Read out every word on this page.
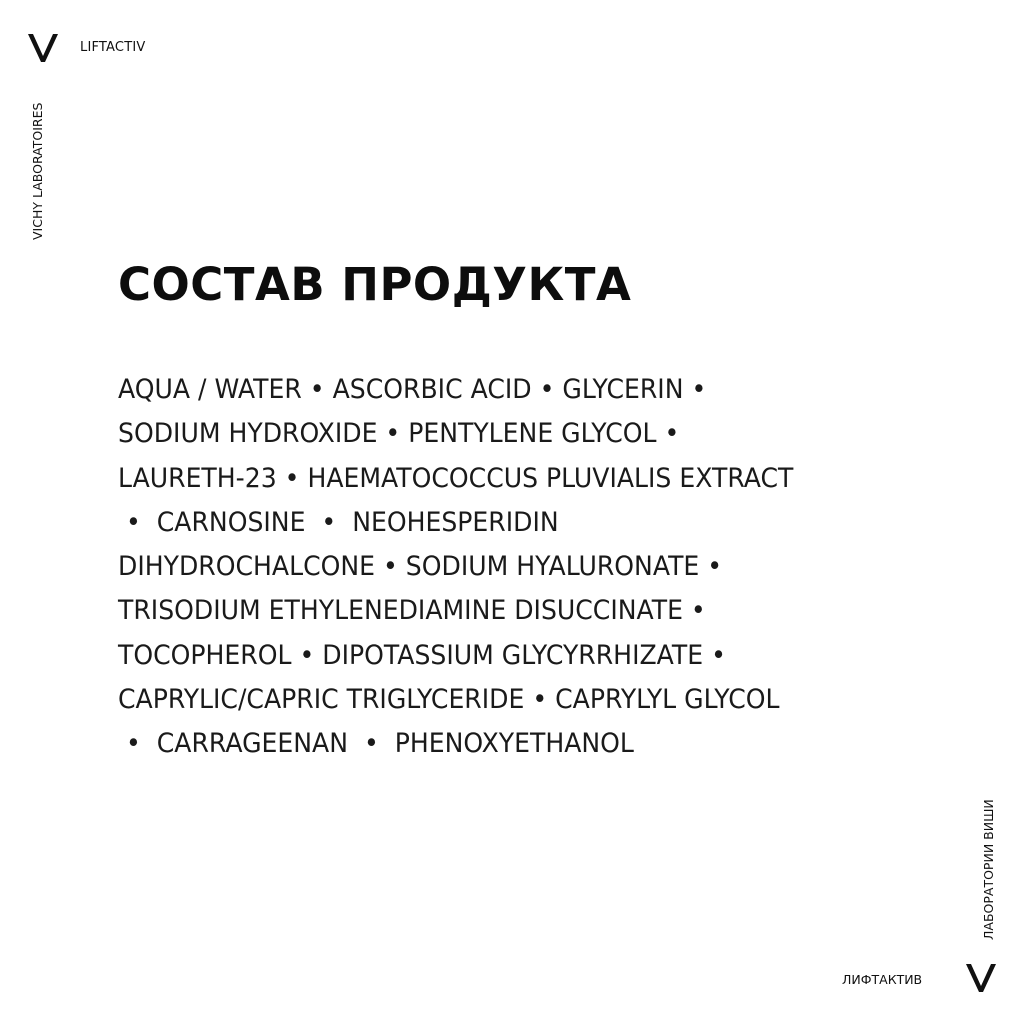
LIFTACTIV
VICHY LABORATOIRES
СОСТАВ ПРОДУКТА
AQUA / WATER • ASCORBIC ACID • GLYCERIN •
SODIUM HYDROXIDE • PENTYLENE GLYCOL •
LAURETH-23 • HAEMATOCOCCUS PLUVIALIS EXTRACT
•  CARNOSINE  •  NEOHESPERIDIN
DIHYDROCHALCONE • SODIUM HYALURONATE •
TRISODIUM ETHYLENEDIAMINE DISUCCINATE •
TOCOPHEROL • DIPOTASSIUM GLYCYRRHIZATE •
CAPRYLIC/CAPRIC TRIGLYCERIDE • CAPRYLYL GLYCOL
•  CARRAGEENAN  •  PHENOXYETHANOL
ЛАБОРАТОРИИ ВИШИ
ЛИФТАКТИВ
